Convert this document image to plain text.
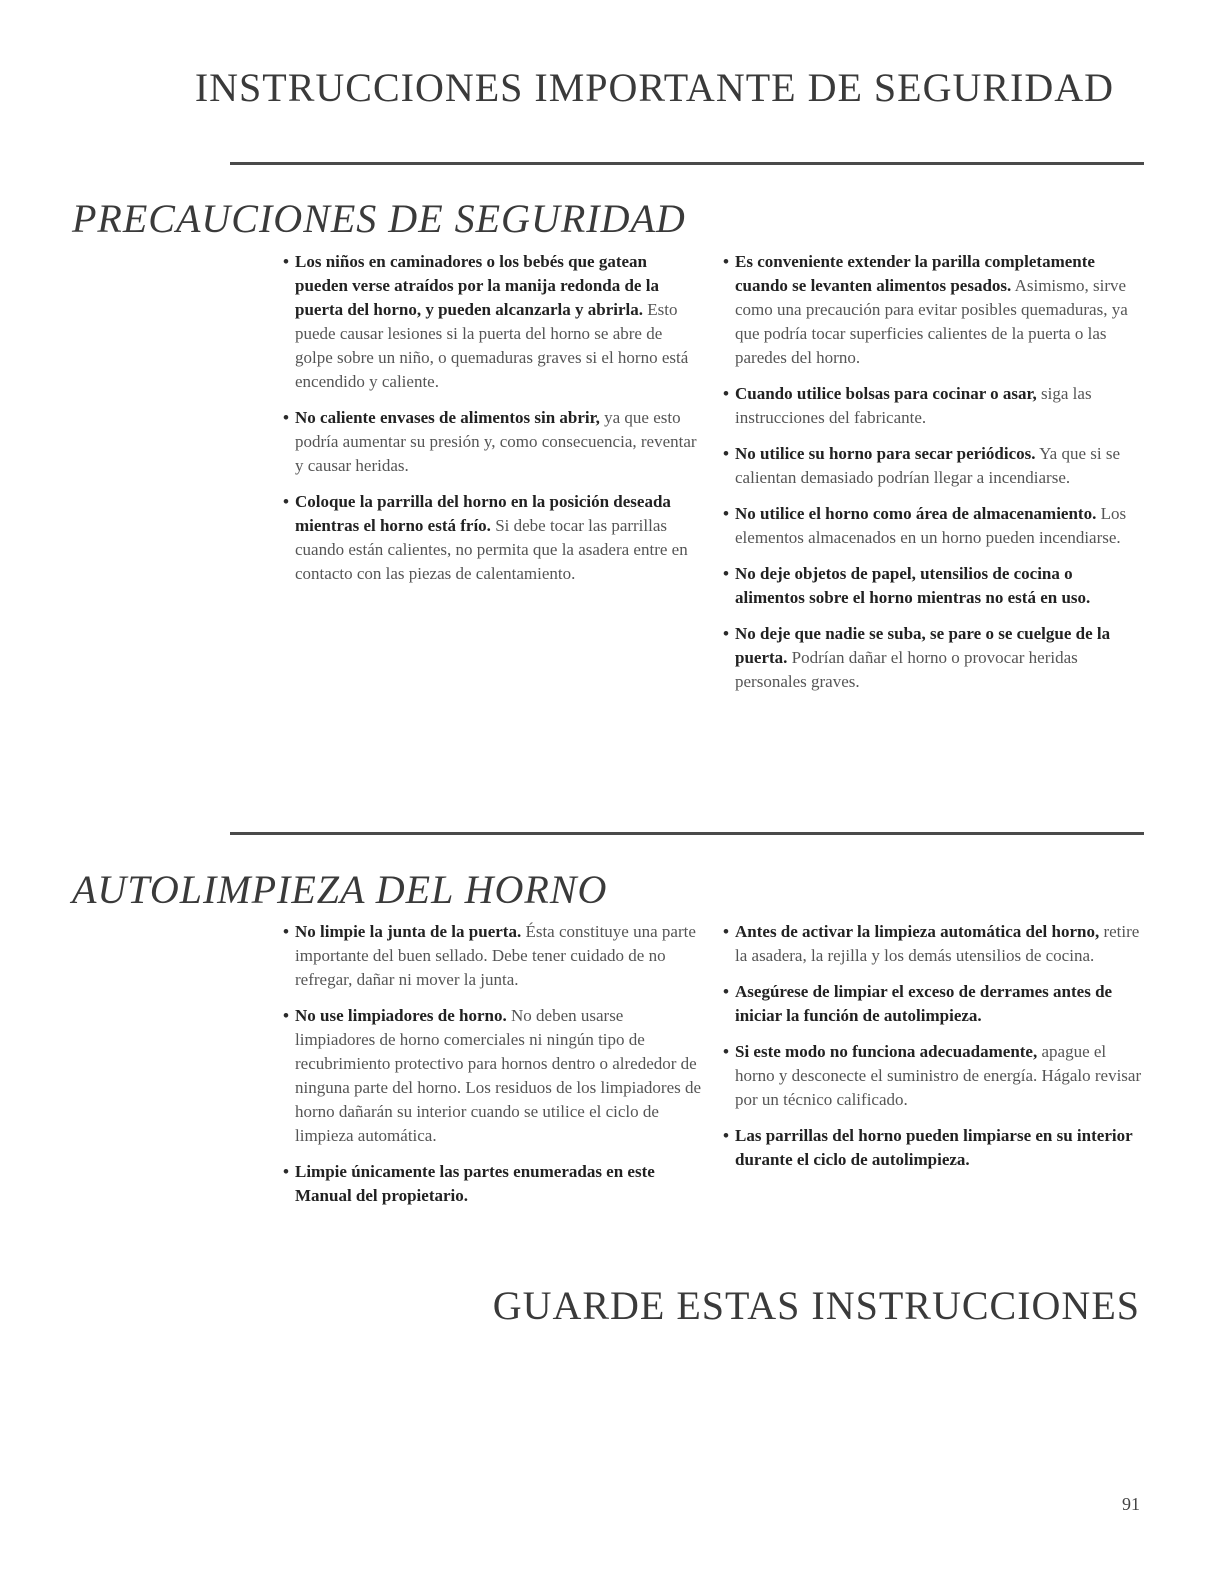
INSTRUCCIONES IMPORTANTE DE SEGURIDAD
PRECAUCIONES DE SEGURIDAD
• Los niños en caminadores o los bebés que gatean pueden verse atraídos por la manija redonda de la puerta del horno, y pueden alcanzarla y abrirla. Esto puede causar lesiones si la puerta del horno se abre de golpe sobre un niño, o quemaduras graves si el horno está encendido y caliente.
• No caliente envases de alimentos sin abrir, ya que esto podría aumentar su presión y, como consecuencia, reventar y causar heridas.
• Coloque la parrilla del horno en la posición deseada mientras el horno está frío. Si debe tocar las parrillas cuando están calientes, no permita que la asadera entre en contacto con las piezas de calentamiento.
• Es conveniente extender la parilla completamente cuando se levanten alimentos pesados. Asimismo, sirve como una precaución para evitar posibles quemaduras, ya que podría tocar superficies calientes de la puerta o las paredes del horno.
• Cuando utilice bolsas para cocinar o asar, siga las instrucciones del fabricante.
• No utilice su horno para secar periódicos. Ya que si se calientan demasiado podrían llegar a incendiarse.
• No utilice el horno como área de almacenamiento. Los elementos almacenados en un horno pueden incendiarse.
• No deje objetos de papel, utensilios de cocina o alimentos sobre el horno mientras no está en uso.
• No deje que nadie se suba, se pare o se cuelgue de la puerta. Podrían dañar el horno o provocar heridas personales graves.
AUTOLIMPIEZA DEL HORNO
• No limpie la junta de la puerta. Ésta constituye una parte importante del buen sellado. Debe tener cuidado de no refregar, dañar ni mover la junta.
• No use limpiadores de horno. No deben usarse limpiadores de horno comerciales ni ningún tipo de recubrimiento protectivo para hornos dentro o alrededor de ninguna parte del horno. Los residuos de los limpiadores de horno dañarán su interior cuando se utilice el ciclo de limpieza automática.
• Limpie únicamente las partes enumeradas en este Manual del propietario.
• Antes de activar la limpieza automática del horno, retire la asadera, la rejilla y los demás utensilios de cocina.
• Asegúrese de limpiar el exceso de derrames antes de iniciar la función de autolimpieza.
• Si este modo no funciona adecuadamente, apague el horno y desconecte el suministro de energía. Hágalo revisar por un técnico calificado.
• Las parrillas del horno pueden limpiarse en su interior durante el ciclo de autolimpieza.
GUARDE ESTAS INSTRUCCIONES
91
